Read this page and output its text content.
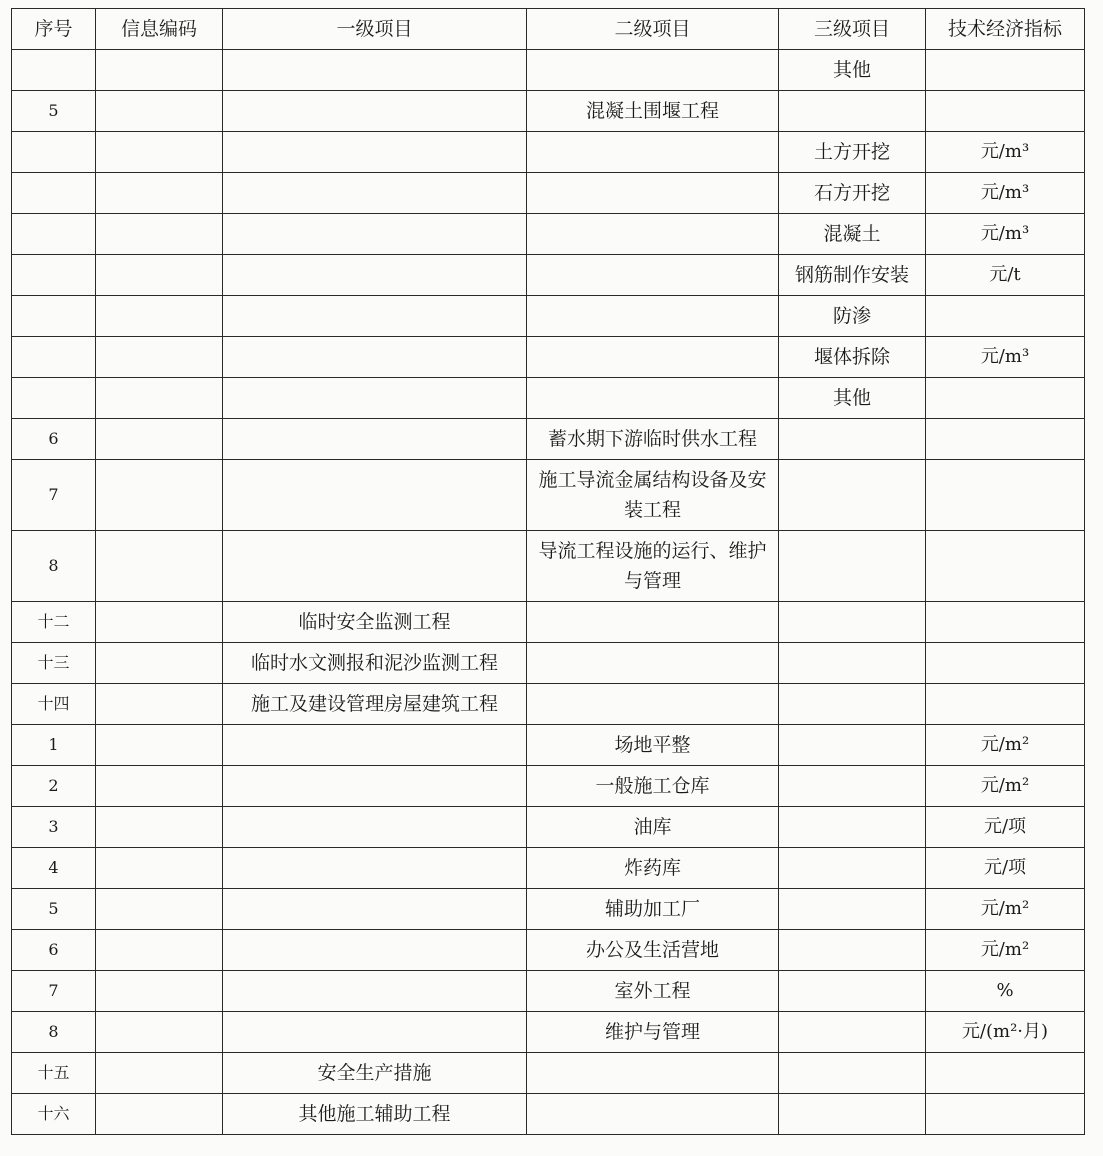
序号	信息编码	一级项目	二级项目	三级项目	技术经济指标
				其他	
5			混凝土围堰工程		
				土方开挖	元/m³
				石方开挖	元/m³
				混凝土	元/m³
				钢筋制作安装	元/t
				防渗	
				堰体拆除	元/m³
				其他	
6			蓄水期下游临时供水工程		
7			施工导流金属结构设备及安装工程		
8			导流工程设施的运行、维护与管理		
十二		临时安全监测工程			
十三		临时水文测报和泥沙监测工程			
十四		施工及建设管理房屋建筑工程			
1			场地平整		元/m²
2			一般施工仓库		元/m²
3			油库		元/项
4			炸药库		元/项
5			辅助加工厂		元/m²
6			办公及生活营地		元/m²
7			室外工程		%
8			维护与管理		元/(m²·月)
十五		安全生产措施			
十六		其他施工辅助工程			
